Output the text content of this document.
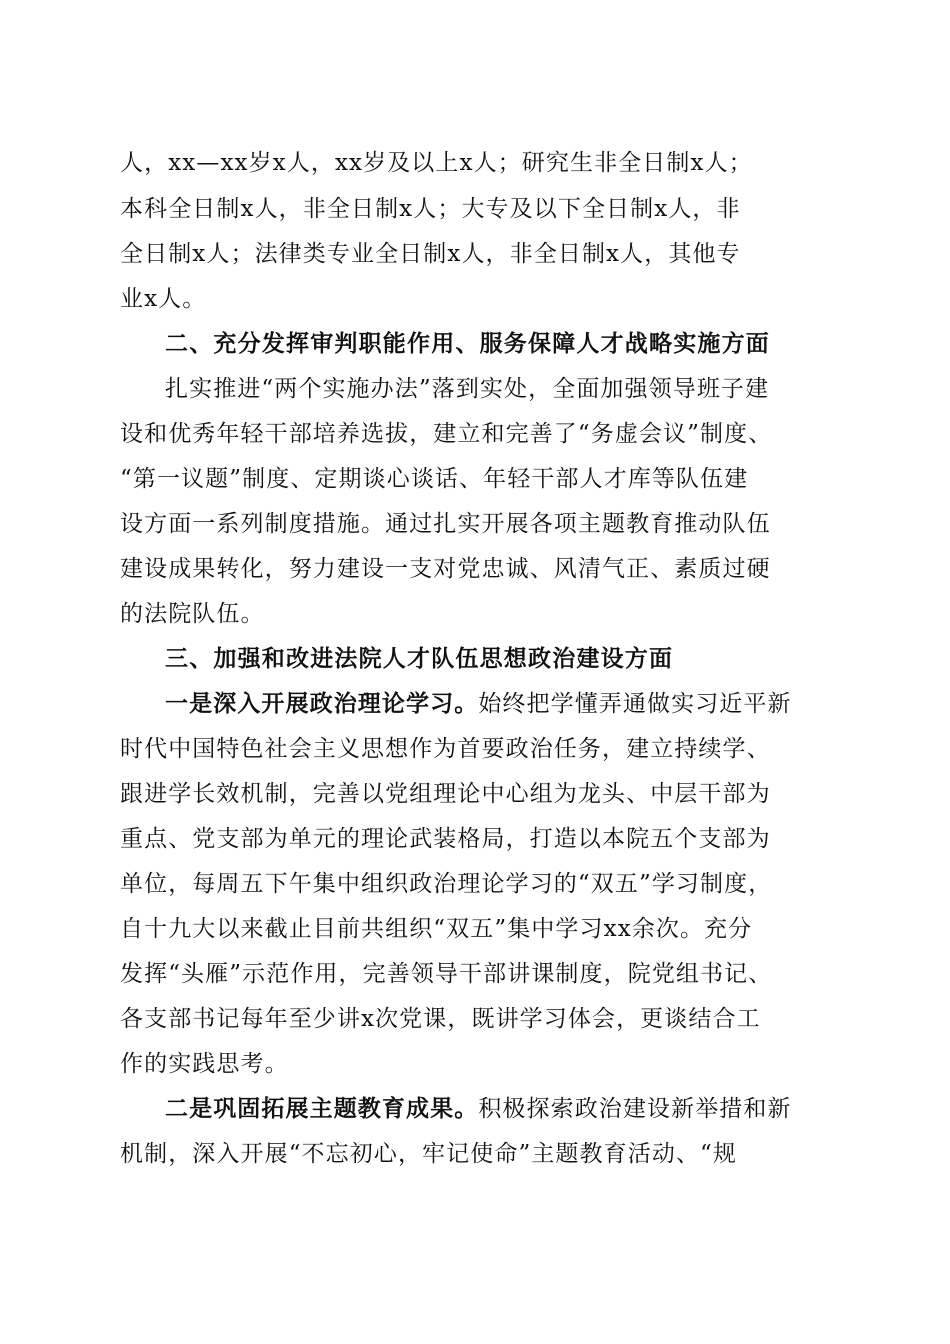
人，xx—xx岁x人，xx岁及以上x人；研究生非全日制x人；
本科全日制x人，非全日制x人；大专及以下全日制x人，非
全日制x人；法律类专业全日制x人，非全日制x人，其他专
业x人。
二、充分发挥审判职能作用、服务保障人才战略实施方面
扎实推进“两个实施办法”落到实处，全面加强领导班子建
设和优秀年轻干部培养选拔，建立和完善了“务虚会议”制度、
“第一议题”制度、定期谈心谈话、年轻干部人才库等队伍建
设方面一系列制度措施。通过扎实开展各项主题教育推动队伍
建设成果转化，努力建设一支对党忠诚、风清气正、素质过硬
的法院队伍。
三、加强和改进法院人才队伍思想政治建设方面
一是深入开展政治理论学习。始终把学懂弄通做实习近平新
时代中国特色社会主义思想作为首要政治任务，建立持续学、
跟进学长效机制，完善以党组理论中心组为龙头、中层干部为
重点、党支部为单元的理论武装格局，打造以本院五个支部为
单位，每周五下午集中组织政治理论学习的“双五”学习制度，
自十九大以来截止目前共组织“双五”集中学习xx余次。充分
发挥“头雁”示范作用，完善领导干部讲课制度，院党组书记、
各支部书记每年至少讲x次党课，既讲学习体会，更谈结合工
作的实践思考。
二是巩固拓展主题教育成果。积极探索政治建设新举措和新
机制，深入开展“不忘初心，牢记使命”主题教育活动、“规
